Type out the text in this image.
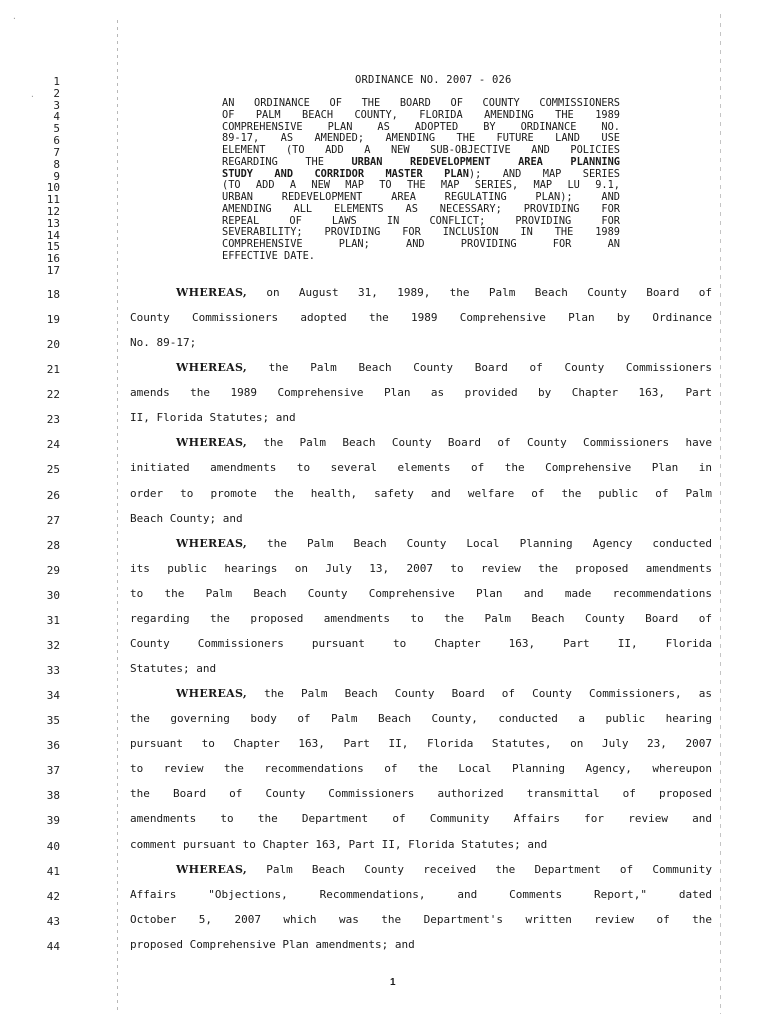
·
·
1
2
3
4
5
6
7
8
9
10
11
12
13
14
15
16
17
18
19
20
21
22
23
24
25
26
27
28
29
30
31
32
33
34
35
36
37
38
39
40
41
42
43
44
ORDINANCE NO. 2007 - 026
AN ORDINANCE OF THE BOARD OF COUNTY COMMISSIONERS
OF PALM BEACH COUNTY, FLORIDA AMENDING THE 1989
COMPREHENSIVE PLAN AS ADOPTED BY ORDINANCE NO.
89-17, AS AMENDED; AMENDING THE FUTURE LAND USE
ELEMENT (TO ADD A NEW SUB-OBJECTIVE AND POLICIES
REGARDING THE URBAN REDEVELOPMENT AREA PLANNING
STUDY AND CORRIDOR MASTER PLAN); AND MAP SERIES
(TO ADD A NEW MAP TO THE MAP SERIES, MAP LU 9.1,
URBAN REDEVELOPMENT AREA REGULATING PLAN); AND
AMENDING ALL ELEMENTS AS NECESSARY; PROVIDING FOR
REPEAL OF LAWS IN CONFLICT; PROVIDING FOR
SEVERABILITY; PROVIDING FOR INCLUSION IN THE 1989
COMPREHENSIVE PLAN; AND PROVIDING FOR AN
EFFECTIVE DATE.
WHEREAS, on August 31, 1989, the Palm Beach County Board of
County Commissioners adopted the 1989 Comprehensive Plan by Ordinance
No. 89-17;
WHEREAS, the Palm Beach County Board of County Commissioners
amends the 1989 Comprehensive Plan as provided by Chapter 163, Part
II, Florida Statutes; and
WHEREAS, the Palm Beach County Board of County Commissioners have
initiated amendments to several elements of the Comprehensive Plan in
order to promote the health, safety and welfare of the public of Palm
Beach County; and
WHEREAS, the Palm Beach County Local Planning Agency conducted
its public hearings on July 13, 2007 to review the proposed amendments
to the Palm Beach County Comprehensive Plan and made recommendations
regarding the proposed amendments to the Palm Beach County Board of
County Commissioners pursuant to Chapter 163, Part II, Florida
Statutes; and
WHEREAS, the Palm Beach County Board of County Commissioners, as
the governing body of Palm Beach County, conducted a public hearing
pursuant to Chapter 163, Part II, Florida Statutes, on July 23, 2007
to review the recommendations of the Local Planning Agency, whereupon
the Board of County Commissioners authorized transmittal of proposed
amendments to the Department of Community Affairs for review and
comment pursuant to Chapter 163, Part II, Florida Statutes; and
WHEREAS, Palm Beach County received the Department of Community
Affairs "Objections, Recommendations, and Comments Report," dated
October 5, 2007 which was the Department's written review of the
proposed Comprehensive Plan amendments; and
1
